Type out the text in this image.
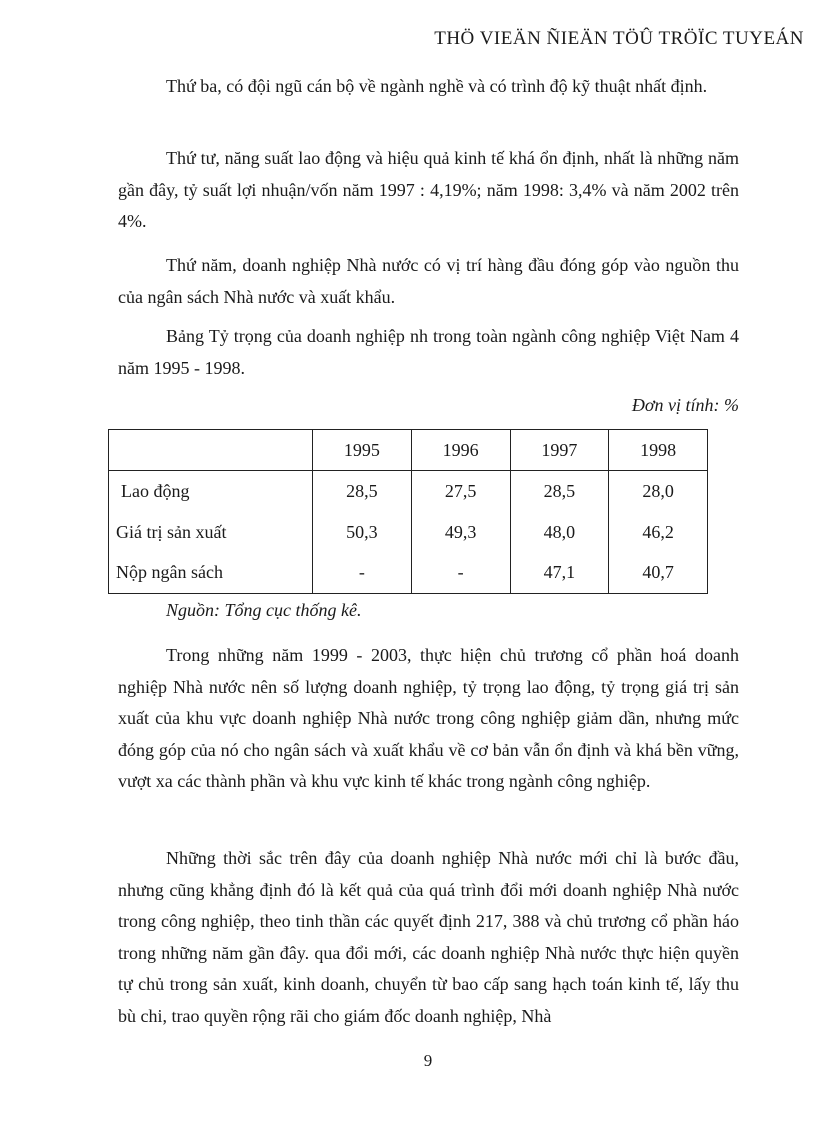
THÖ VIEÄN ÑIEÄN TÖÛ TRÖÏC TUYEÁN

Thứ ba, có đội ngũ cán bộ về ngành nghề và có trình độ kỹ thuật nhất định.

Thứ tư, năng suất lao động và hiệu quả kinh tế khá ổn định, nhất là những năm gần đây, tỷ suất lợi nhuận/vốn năm 1997 : 4,19%; năm 1998: 3,4% và năm 2002 trên 4%.

Thứ năm, doanh nghiệp Nhà nước có vị trí hàng đầu đóng góp vào nguồn thu của ngân sách Nhà nước và xuất khẩu.

Bảng Tỷ trọng của doanh nghiệp nh trong toàn ngành công nghiệp Việt Nam 4 năm 1995 - 1998.

Đơn vị tính: %

	1995	1996	1997	1998
Lao động	28,5	27,5	28,5	28,0
Giá trị sản xuất	50,3	49,3	48,0	46,2
Nộp ngân sách	-	-	47,1	40,7

Nguồn: Tổng cục thống kê.

Trong những năm 1999 - 2003, thực hiện chủ trương cổ phần hoá doanh nghiệp Nhà nước nên số lượng doanh nghiệp, tỷ trọng lao động, tỷ trọng giá trị sản xuất của khu vực doanh nghiệp Nhà nước trong công nghiệp giảm dần, nhưng mức đóng góp của nó cho ngân sách và xuất khẩu về cơ bản vẫn ổn định và khá bền vững, vượt xa các thành phần và khu vực kinh tế khác trong ngành công nghiệp.

Những thời sắc trên đây của doanh nghiệp Nhà nước mới chỉ là bước đầu, nhưng cũng khẳng định đó là kết quả của quá trình đổi mới doanh nghiệp Nhà nước trong công nghiệp, theo tinh thần các quyết định 217, 388 và chủ trương cổ phần háo trong những năm gần đây. qua đổi mới, các doanh nghiệp Nhà nước thực hiện quyền tự chủ trong sản xuất, kinh doanh, chuyển từ bao cấp sang hạch toán kinh tế, lấy thu bù chi, trao quyền rộng rãi cho giám đốc doanh nghiệp, Nhà

9
